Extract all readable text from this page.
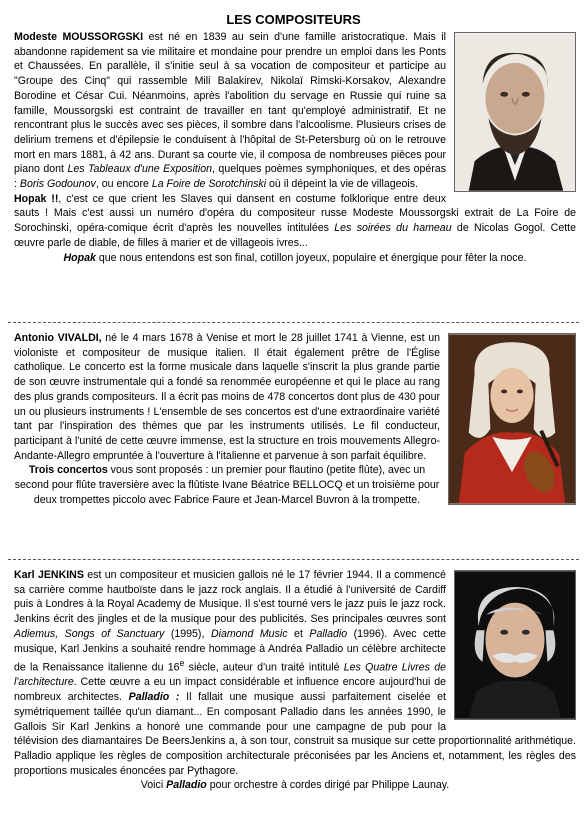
LES COMPOSITEURS

Modeste MOUSSORGSKI est né en 1839 au sein d'une famille aristocratique. Mais il abandonne rapidement sa vie militaire et mondaine pour prendre un emploi dans les Ponts et Chaussées. En parallèle, il s'initie seul à sa vocation de compositeur et participe au "Groupe des Cinq" qui rassemble Mili Balakirev, Nikolaï Rimski-Korsakov, Alexandre Borodine et César Cui. Néanmoins, après l'abolition du servage en Russie qui ruine sa famille, Moussorgski est contraint de travailler en tant qu'employé administratif. Et ne rencontrant plus le succès avec ses pièces, il sombre dans l'alcoolisme. Plusieurs crises de delirium tremens et d'épilepsie le conduisent à l'hôpital de St-Petersburg où on le retrouve mort en mars 1881, à 42 ans. Durant sa courte vie, il composa de nombreuses pièces pour piano dont Les Tableaux d'une Exposition, quelques poèmes symphoniques, et des opéras : Boris Godounov, ou encore La Foire de Sorotchinski où il dépeint la vie de villageois.

Hopak !!, c'est ce que crient les Slaves qui dansent en costume folklorique entre deux sauts ! Mais c'est aussi un numéro d'opéra du compositeur russe Modeste Moussorgski extrait de La Foire de Sorochinski, opéra-comique écrit d'après les nouvelles intitulées Les soirées du hameau de Nicolas Gogol. Cette œuvre parle de diable, de filles à marier et de villageois ivres...

Hopak que nous entendons est son final, cotillon joyeux, populaire et énergique pour fêter la noce.

Antonio VIVALDI, né le 4 mars 1678 à Venise et mort le 28 juillet 1741 à Vienne, est un violoniste et compositeur de musique italien. Il était également prêtre de l'Église catholique. Le concerto est la forme musicale dans laquelle s'inscrit la plus grande partie de son œuvre instrumentale qui a fondé sa renommée européenne et qui le place au rang des plus grands compositeurs. Il a écrit pas moins de 478 concertos dont plus de 430 pour un ou plusieurs instruments ! L'ensemble de ses concertos est d'une extraordinaire variété tant par l'inspiration des thèmes que par les instruments utilisés. Le fil conducteur, participant à l'unité de cette œuvre immense, est la structure en trois mouvements Allegro-Andante-Allegro empruntée à l'ouverture à l'italienne et parvenue à son parfait équilibre.

Trois concertos vous sont proposés : un premier pour flautino (petite flûte), avec un second pour flûte traversière avec la flûtiste Ivane Béatrice BELLOCQ et un troisième pour deux trompettes piccolo avec Fabrice Faure et Jean-Marcel Buvron à la trompette.

Karl JENKINS est un compositeur et musicien gallois né le 17 février 1944. Il a commencé sa carrière comme hautboïste dans le jazz rock anglais. Il a étudié à l'université de Cardiff puis à Londres à la Royal Academy de Musique. Il s'est tourné vers le jazz puis le jazz rock. Jenkins écrit des jingles et de la musique pour des publicités. Ses principales œuvres sont Adiemus, Songs of Sanctuary (1995), Diamond Music et Palladio (1996). Avec cette musique, Karl Jenkins a souhaité rendre hommage à Andréa Palladio un célèbre architecte de la Renaissance italienne du 16e siècle, auteur d'un traité intitulé Les Quatre Livres de l'architecture. Cette œuvre a eu un impact considérable et influence encore aujourd'hui de nombreux architectes. Palladio : Il fallait une musique aussi parfaitement ciselée et symétriquement taillée qu'un diamant... En composant Palladio dans les années 1990, le Gallois Sir Karl Jenkins a honoré une commande pour une campagne de pub pour la télévision des diamantaires De BeersJenkins a, à son tour, construit sa musique sur cette proportionnalité arithmétique. Palladio applique les règles de composition architecturale préconisées par les Anciens et, notamment, les règles des proportions musicales énoncées par Pythagore.

Voici Palladio pour orchestre à cordes dirigé par Philippe Launay.
